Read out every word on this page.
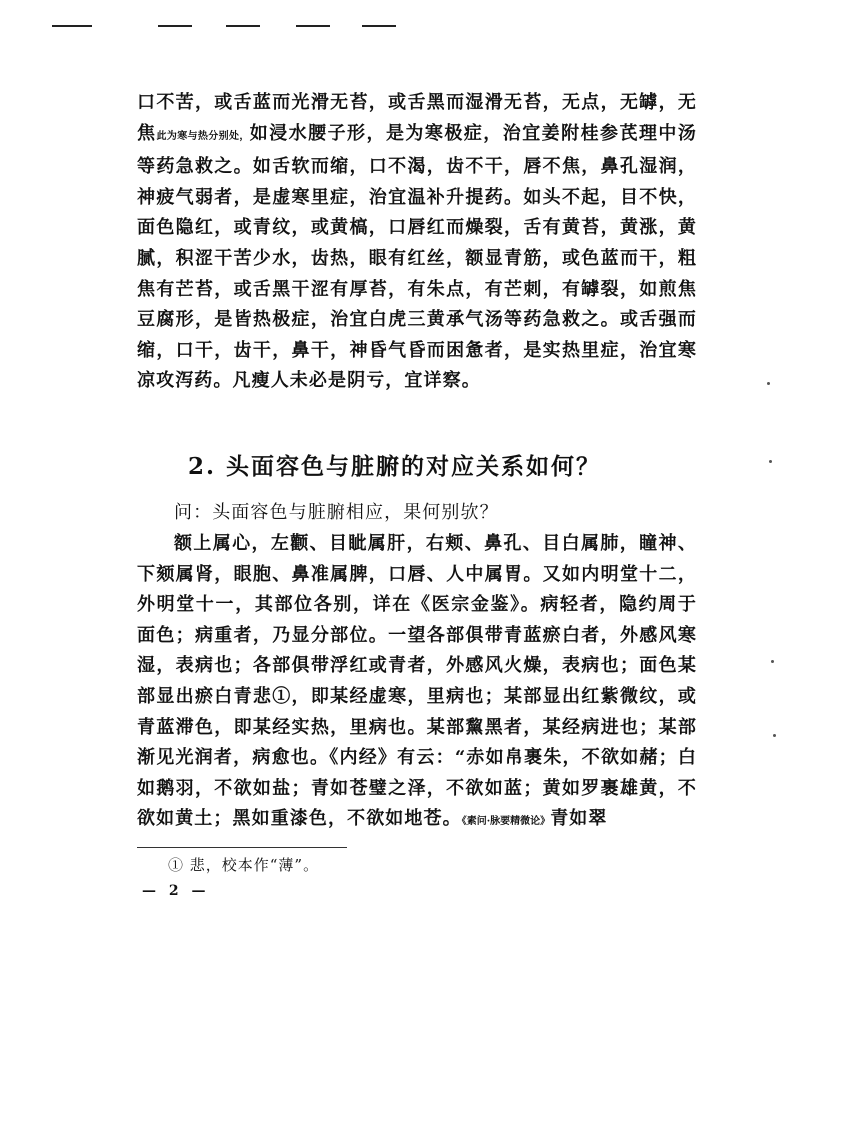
口不苦，或舌蓝而光滑无苔，或舌黑而湿滑无苔，无点，无罅，无焦此为寒与热分别处，如浸水腰子形，是为寒极症，治宜姜附桂参芪理中汤等药急救之。如舌软而缩，口不渴，齿不干，唇不焦，鼻孔湿润，神疲气弱者，是虚寒里症，治宜温补升提药。如头不起，目不快，面色隐红，或青纹，或黄槁，口唇红而燥裂，舌有黄苔，黄涨，黄腻，积涩干苦少水，齿热，眼有红丝，额显青筋，或色蓝而干，粗焦有芒苔，或舌黑干涩有厚苔，有朱点，有芒刺，有罅裂，如煎焦豆腐形，是皆热极症，治宜白虎三黄承气汤等药急救之。或舌强而缩，口干，齿干，鼻干，神昏气昏而困惫者，是实热里症，治宜寒凉攻泻药。凡瘦人未必是阴亏，宜详察。

2. 头面容色与脏腑的对应关系如何？

问：头面容色与脏腑相应，果何别欤？

额上属心，左颧、目眦属肝，右颊、鼻孔、目白属肺，瞳神、下颏属肾，眼胞、鼻准属脾，口唇、人中属胃。又如内明堂十二，外明堂十一，其部位各别，详在《医宗金鉴》。病轻者，隐约周于面色；病重者，乃显分部位。一望各部俱带青蓝瘀白者，外感风寒湿，表病也；各部俱带浮红或青者，外感风火燥，表病也；面色某部显出瘀白青悲①，即某经虚寒，里病也；某部显出红紫微纹，或青蓝滞色，即某经实热，里病也。某部黧黑者，某经病进也；某部渐见光润者，病愈也。《内经》有云：“赤如帛裹朱，不欲如赭；白如鹅羽，不欲如盐；青如苍璧之泽，不欲如蓝；黄如罗裹雄黄，不欲如黄土；黑如重漆色，不欲如地苍。《素问·脉要精微论》青如翠

① 悲，校本作“薄”。

— 2 —
